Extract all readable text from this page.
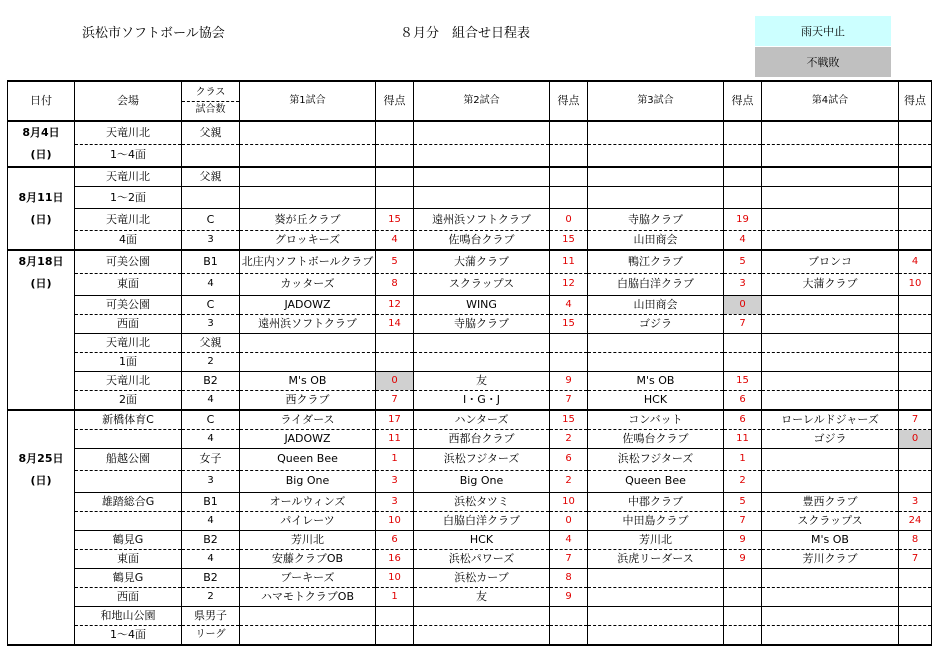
浜松市ソフトボール協会	８月分　組合せ日程表	雨天中止
不戦敗
日付	会場	クラス
試合数	第1試合	得点	第2試合	得点	第3試合	得点	第4試合	得点
8月4日	天竜川北	父親								
(日)	1～4面									
	天竜川北	父親								
8月11日	1～2面									
(日)	天竜川北	C	葵が丘クラブ	15	遠州浜ソフトクラブ	0	寺脇クラブ	19		
	4面	3	グロッキーズ	4	佐鳴台クラブ	15	山田商会	4		
8月18日	可美公園	B1	北庄内ソフトボールクラブ	5	大蒲クラブ	11	鴨江クラブ	5	ブロンコ	4
(日)	東面	4	カッターズ	8	スクラップス	12	白脇白洋クラブ	3	大蒲クラブ	10
	可美公園	C	JADOWZ	12	WING	4	山田商会	0		
	西面	3	遠州浜ソフトクラブ	14	寺脇クラブ	15	ゴジラ	7		
	天竜川北	父親								
	1面	2								
	天竜川北	B2	M's OB	0	友	9	M's OB	15		
	2面	4	西クラブ	7	I・G・J	7	HCK	6		
	新橋体育C	C	ライダース	17	ハンターズ	15	コンバット	6	ローレルドジャーズ	7
		4	JADOWZ	11	西都台クラブ	2	佐鳴台クラブ	11	ゴジラ	0
8月25日	船越公園	女子	Queen Bee	1	浜松フジターズ	6	浜松フジターズ	1		
(日)		3	Big One	3	Big One	2	Queen Bee	2		
	雄踏総合G	B1	オールウィンズ	3	浜松タツミ	10	中郡クラブ	5	豊西クラブ	3
		4	パイレーツ	10	白脇白洋クラブ	0	中田島クラブ	7	スクラップス	24
	鶴見G	B2	芳川北	6	HCK	4	芳川北	9	M's OB	8
	東面	4	安藤クラブOB	16	浜松パワーズ	7	浜虎リーダース	9	芳川クラブ	7
	鶴見G	B2	ブーキーズ	10	浜松カーブ	8				
	西面	2	ハマモトクラブOB	1	友	9				
	和地山公園	県男子								
	1～4面	リーグ								
